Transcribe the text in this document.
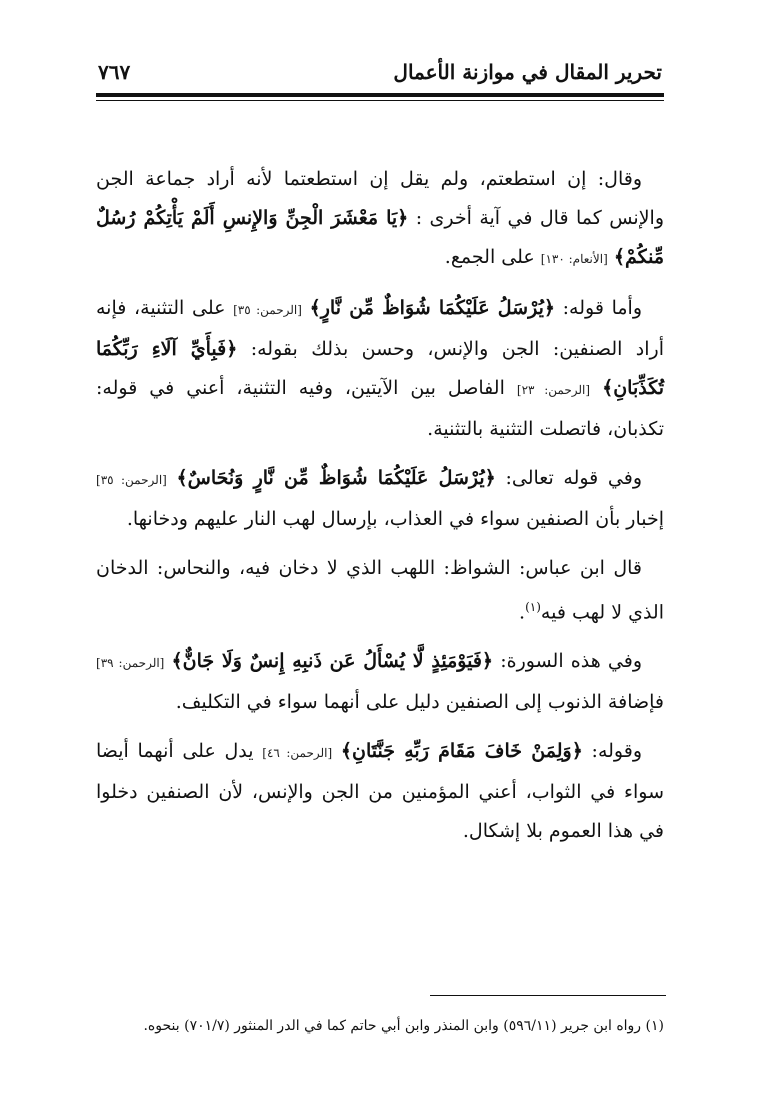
تحرير المقال في موازنة الأعمال
٧٦٧

وقال: إن استطعتم، ولم يقل إن استطعتما لأنه أراد جماعة الجن والإنس كما قال في آية أخرى : ﴿يَا مَعْشَرَ الْجِنِّ وَالإِنسِ أَلَمْ يَأْتِكُمْ رُسُلٌ مِّنكُمْ﴾ [الأنعام: ١٣٠] على الجمع.

وأما قوله: ﴿يُرْسَلُ عَلَيْكُمَا شُوَاظٌ مِّن نَّارٍ﴾ [الرحمن: ٣٥] على التثنية، فإنه أراد الصنفين: الجن والإنس، وحسن بذلك بقوله: ﴿فَبِأَيِّ آلَاءِ رَبِّكُمَا تُكَذِّبَانِ﴾ [الرحمن: ٢٣] الفاصل بين الآيتين، وفيه التثنية، أعني في قوله: تكذبان، فاتصلت التثنية بالتثنية.

وفي قوله تعالى: ﴿يُرْسَلُ عَلَيْكُمَا شُوَاظٌ مِّن نَّارٍ وَنُحَاسٌ﴾ [الرحمن: ٣٥] إخبار بأن الصنفين سواء في العذاب، بإرسال لهب النار عليهم ودخانها.

قال ابن عباس: الشواظ: اللهب الذي لا دخان فيه، والنحاس: الدخان الذي لا لهب فيه$^{(١)}$.

وفي هذه السورة: ﴿فَيَوْمَئِذٍ لَّا يُسْأَلُ عَن ذَنبِهِ إِنسٌ وَلَا جَانٌّ﴾ [الرحمن: ٣٩] فإضافة الذنوب إلى الصنفين دليل على أنهما سواء في التكليف.

وقوله: ﴿وَلِمَنْ خَافَ مَقَامَ رَبِّهِ جَنَّتَانِ﴾ [الرحمن: ٤٦] يدل على أنهما أيضا سواء في الثواب، أعني المؤمنين من الجن والإنس، لأن الصنفين دخلوا في هذا العموم بلا إشكال.

(١) رواه ابن جرير (٥٩٦/١١) وابن المنذر وابن أبي حاتم كما في الدر المنثور (٧٠١/٧) بنحوه.
